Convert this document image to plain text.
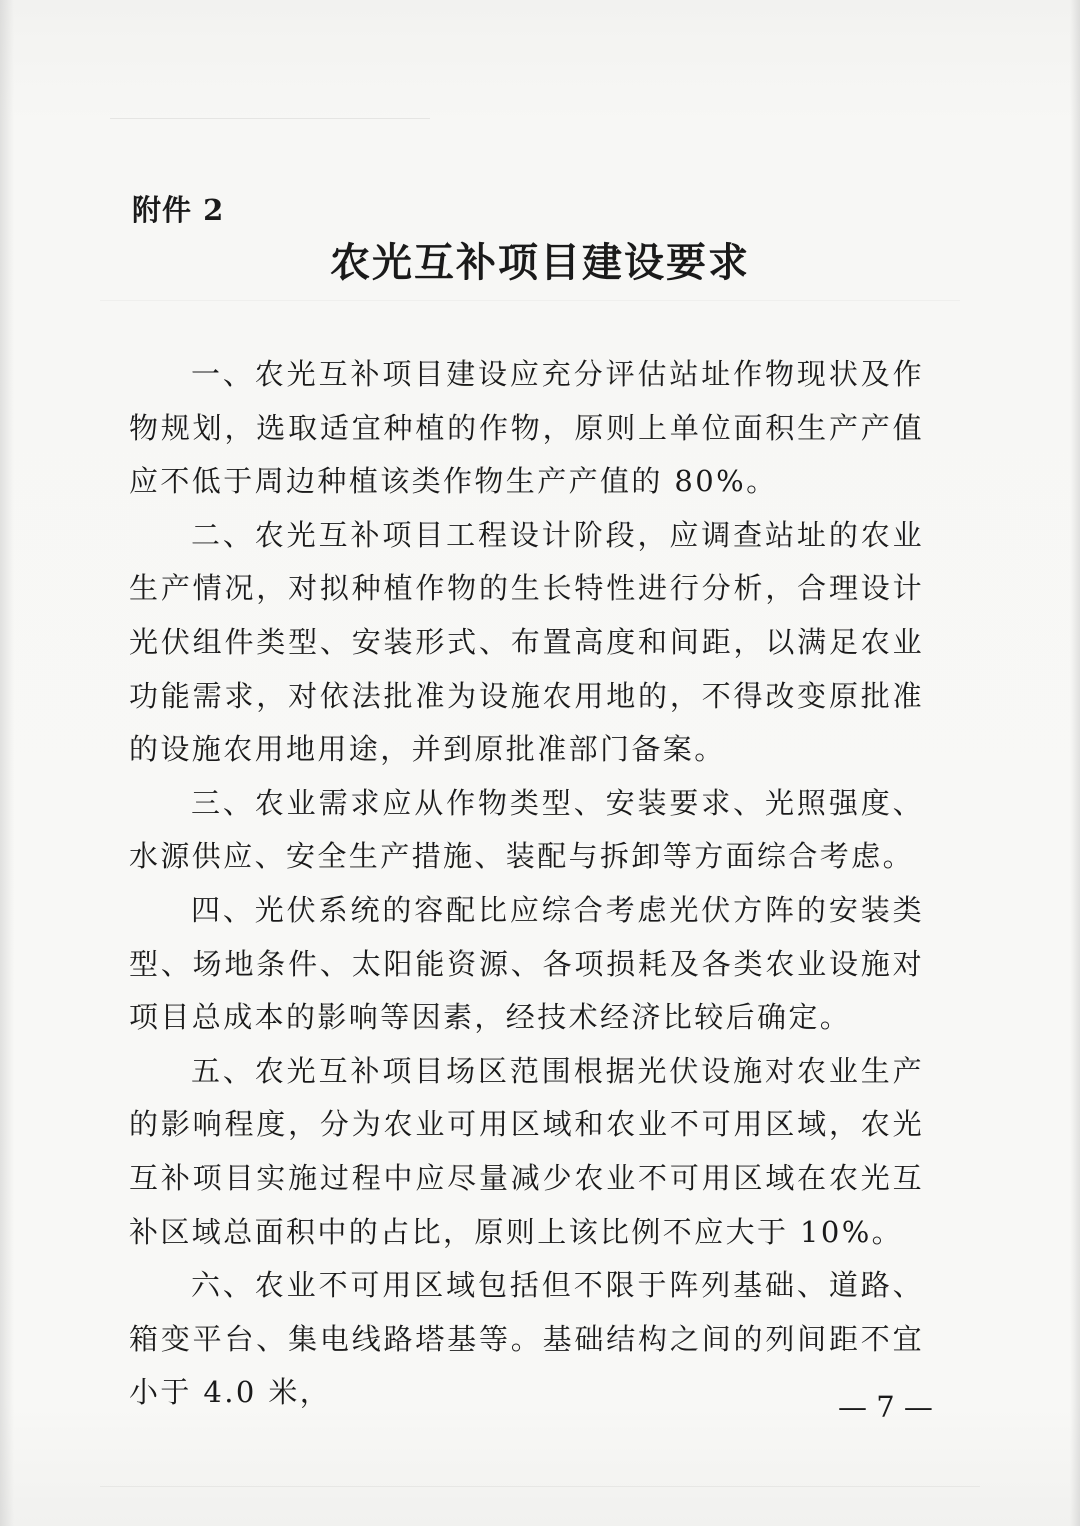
附件 2
农光互补项目建设要求

一、农光互补项目建设应充分评估站址作物现状及作物规划，选取适宜种植的作物，原则上单位面积生产产值应不低于周边种植该类作物生产产值的 80%。

二、农光互补项目工程设计阶段，应调查站址的农业生产情况，对拟种植作物的生长特性进行分析，合理设计光伏组件类型、安装形式、布置高度和间距，以满足农业功能需求，对依法批准为设施农用地的，不得改变原批准的设施农用地用途，并到原批准部门备案。

三、农业需求应从作物类型、安装要求、光照强度、水源供应、安全生产措施、装配与拆卸等方面综合考虑。

四、光伏系统的容配比应综合考虑光伏方阵的安装类型、场地条件、太阳能资源、各项损耗及各类农业设施对项目总成本的影响等因素，经技术经济比较后确定。

五、农光互补项目场区范围根据光伏设施对农业生产的影响程度，分为农业可用区域和农业不可用区域，农光互补项目实施过程中应尽量减少农业不可用区域在农光互补区域总面积中的占比，原则上该比例不应大于 10%。

六、农业不可用区域包括但不限于阵列基础、道路、箱变平台、集电线路塔基等。基础结构之间的列间距不宜小于 4.0 米，	— 7 —
